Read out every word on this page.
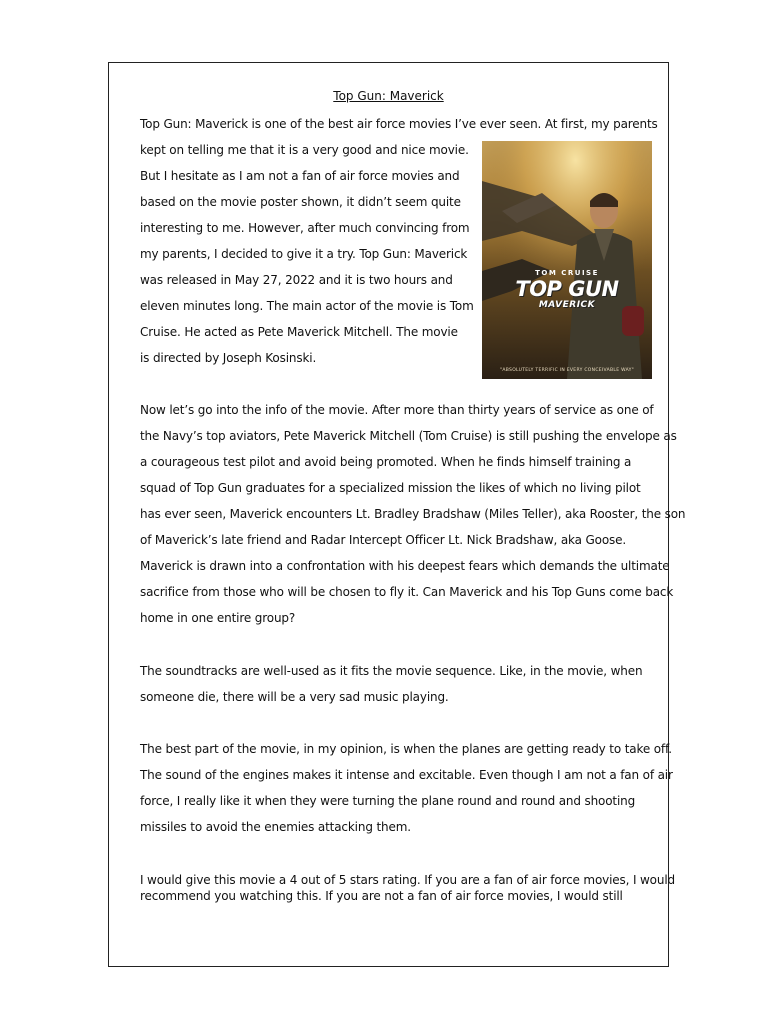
Top Gun: Maverick
Top Gun: Maverick is one of the best air force movies I’ve ever seen. At first, my parents
kept on telling me that it is a very good and nice movie.
But I hesitate as I am not a fan of air force movies and
based on the movie poster shown, it didn’t seem quite
interesting to me. However, after much convincing from
my parents, I decided to give it a try. Top Gun: Maverick
was released in May 27, 2022 and it is two hours and
eleven minutes long. The main actor of the movie is Tom
Cruise. He acted as Pete Maverick Mitchell. The movie
is directed by Joseph Kosinski.
TOM CRUISE
TOP GUN
MAVERICK
"ABSOLUTELY TERRIFIC IN EVERY CONCEIVABLE WAY"
Now let’s go into the info of the movie. After more than thirty years of service as one of
the Navy’s top aviators, Pete Maverick Mitchell (Tom Cruise) is still pushing the envelope as
a courageous test pilot and avoid being promoted. When he finds himself training a
squad of Top Gun graduates for a specialized mission the likes of which no living pilot
has ever seen, Maverick encounters Lt. Bradley Bradshaw (Miles Teller), aka Rooster, the son
of Maverick’s late friend and Radar Intercept Officer Lt. Nick Bradshaw, aka Goose.
Maverick is drawn into a confrontation with his deepest fears which demands the ultimate
sacrifice from those who will be chosen to fly it. Can Maverick and his Top Guns come back
home in one entire group?
The soundtracks are well-used as it fits the movie sequence. Like, in the movie, when
someone die, there will be a very sad music playing.
The best part of the movie, in my opinion, is when the planes are getting ready to take off.
The sound of the engines makes it intense and excitable. Even though I am not a fan of air
force, I really like it when they were turning the plane round and round and shooting
missiles to avoid the enemies attacking them.
I would give this movie a 4 out of 5 stars rating. If you are a fan of air force movies, I would
recommend you watching this. If you are not a fan of air force movies, I would still
